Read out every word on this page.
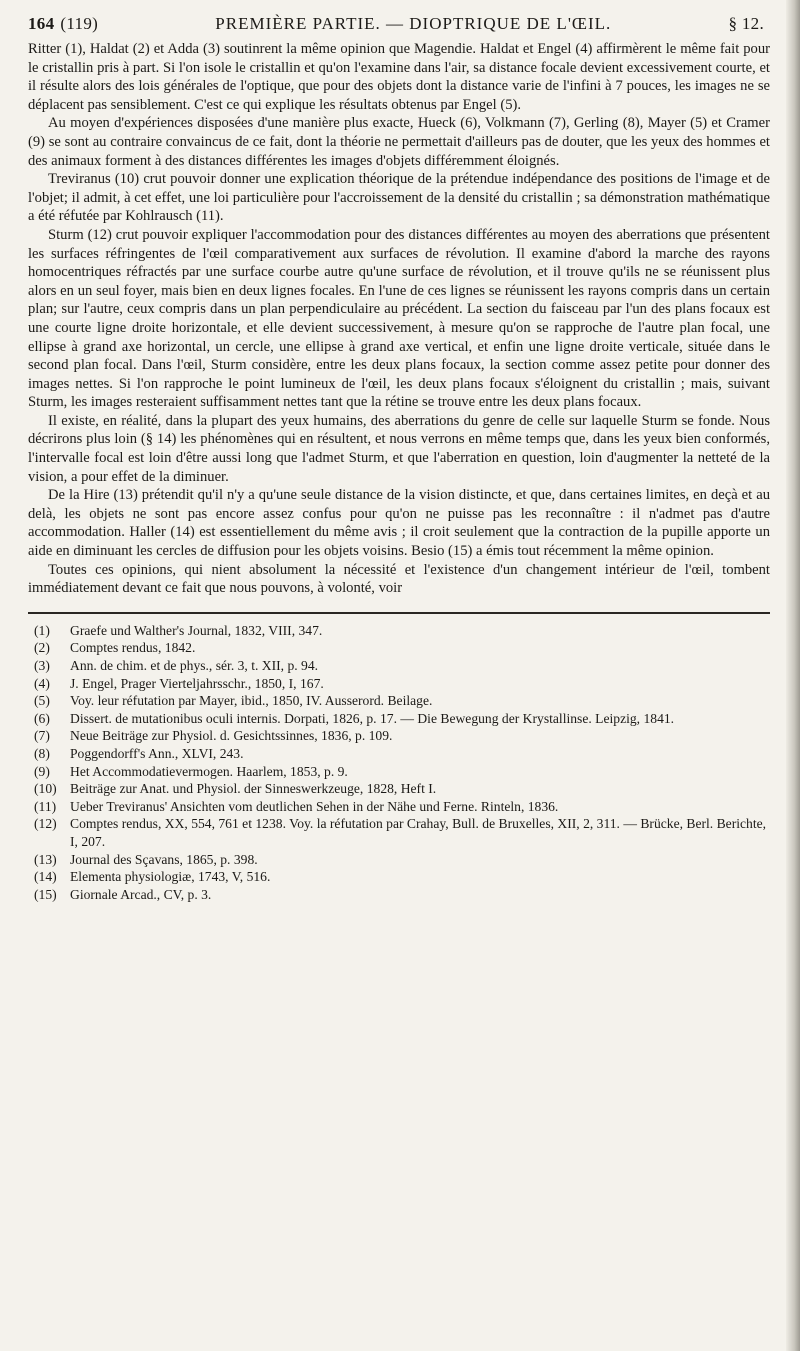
164 (119)	PREMIÈRE PARTIE. — DIOPTRIQUE DE L'ŒIL.	§ 12.

Ritter (1), Haldat (2) et Adda (3) soutinrent la même opinion que Magendie. Haldat et Engel (4) affirmèrent le même fait pour le cristallin pris à part. Si l'on isole le cristallin et qu'on l'examine dans l'air, sa distance focale devient excessivement courte, et il résulte alors des lois générales de l'optique, que pour des objets dont la distance varie de l'infini à 7 pouces, les images ne se déplacent pas sensiblement. C'est ce qui explique les résultats obtenus par Engel (5).

Au moyen d'expériences disposées d'une manière plus exacte, Hueck (6), Volkmann (7), Gerling (8), Mayer (5) et Cramer (9) se sont au contraire convaincus de ce fait, dont la théorie ne permettait d'ailleurs pas de douter, que les yeux des hommes et des animaux forment à des distances différentes les images d'objets différemment éloignés.

Treviranus (10) crut pouvoir donner une explication théorique de la prétendue indépendance des positions de l'image et de l'objet; il admit, à cet effet, une loi particulière pour l'accroissement de la densité du cristallin ; sa démonstration mathématique a été réfutée par Kohlrausch (11).

Sturm (12) crut pouvoir expliquer l'accommodation pour des distances différentes au moyen des aberrations que présentent les surfaces réfringentes de l'œil comparativement aux surfaces de révolution. Il examine d'abord la marche des rayons homocentriques réfractés par une surface courbe autre qu'une surface de révolution, et il trouve qu'ils ne se réunissent plus alors en un seul foyer, mais bien en deux lignes focales. En l'une de ces lignes se réunissent les rayons compris dans un certain plan; sur l'autre, ceux compris dans un plan perpendiculaire au précédent. La section du faisceau par l'un des plans focaux est une courte ligne droite horizontale, et elle devient successivement, à mesure qu'on se rapproche de l'autre plan focal, une ellipse à grand axe horizontal, un cercle, une ellipse à grand axe vertical, et enfin une ligne droite verticale, située dans le second plan focal. Dans l'œil, Sturm considère, entre les deux plans focaux, la section comme assez petite pour donner des images nettes. Si l'on rapproche le point lumineux de l'œil, les deux plans focaux s'éloignent du cristallin ; mais, suivant Sturm, les images resteraient suffisamment nettes tant que la rétine se trouve entre les deux plans focaux.

Il existe, en réalité, dans la plupart des yeux humains, des aberrations du genre de celle sur laquelle Sturm se fonde. Nous décrirons plus loin (§ 14) les phénomènes qui en résultent, et nous verrons en même temps que, dans les yeux bien conformés, l'intervalle focal est loin d'être aussi long que l'admet Sturm, et que l'aberration en question, loin d'augmenter la netteté de la vision, a pour effet de la diminuer.

De la Hire (13) prétendit qu'il n'y a qu'une seule distance de la vision distincte, et que, dans certaines limites, en deçà et au delà, les objets ne sont pas encore assez confus pour qu'on ne puisse pas les reconnaître : il n'admet pas d'autre accommodation. Haller (14) est essentiellement du même avis ; il croit seulement que la contraction de la pupille apporte un aide en diminuant les cercles de diffusion pour les objets voisins. Besio (15) a émis tout récemment la même opinion.

Toutes ces opinions, qui nient absolument la nécessité et l'existence d'un changement intérieur de l'œil, tombent immédiatement devant ce fait que nous pouvons, à volonté, voir

(1)	Graefe und Walther's Journal, 1832, VIII, 347.
(2)	Comptes rendus, 1842.
(3)	Ann. de chim. et de phys., sér. 3, t. XII, p. 94.
(4)	J. Engel, Prager Vierteljahrsschr., 1850, I, 167.
(5)	Voy. leur réfutation par Mayer, ibid., 1850, IV. Ausserord. Beilage.
(6)	Dissert. de mutationibus oculi internis. Dorpati, 1826, p. 17. — Die Bewegung der Krystallinse. Leipzig, 1841.
(7)	Neue Beiträge zur Physiol. d. Gesichtssinnes, 1836, p. 109.
(8)	Poggendorff's Ann., XLVI, 243.
(9)	Het Accommodatievermogen. Haarlem, 1853, p. 9.
(10) Beiträge zur Anat. und Physiol. der Sinneswerkzeuge, 1828, Heft I.
(11)	Ueber Treviranus' Ansichten vom deutlichen Sehen in der Nähe und Ferne. Rinteln, 1836.
(12) Comptes rendus, XX, 554, 761 et 1238. Voy. la réfutation par Crahay, Bull. de Bruxelles, XII, 2, 311. — Brücke, Berl. Berichte, I, 207.
(13) Journal des Sçavans, 1865, p. 398.
(14) Elementa physiologiæ, 1743, V, 516.
(15) Giornale Arcad., CV, p. 3.
